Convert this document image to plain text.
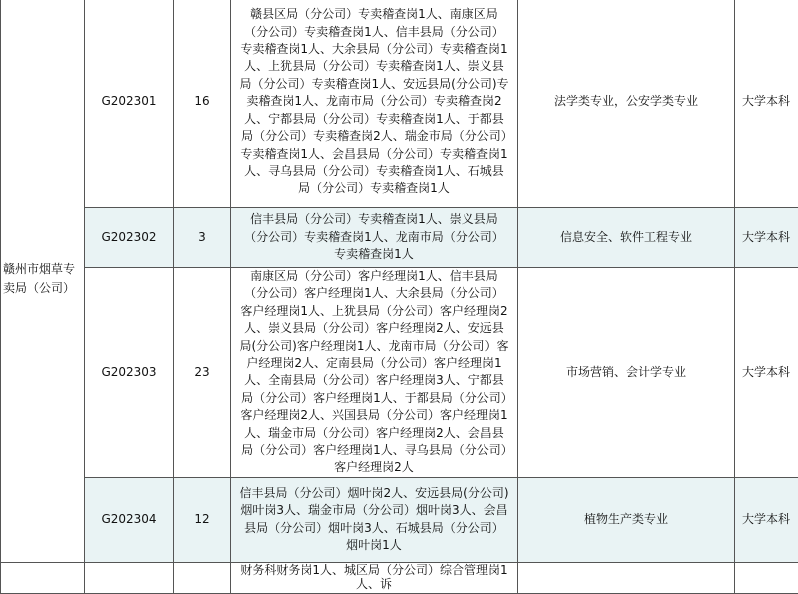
赣州市烟草专卖局（公司）	G202301	16	赣县区局（分公司）专卖稽查岗1人、南康区局（分公司）专卖稽查岗1人、信丰县局（分公司）专卖稽查岗1人、大余县局（分公司）专卖稽查岗1人、上犹县局（分公司）专卖稽查岗1人、崇义县局（分公司）专卖稽查岗1人、安远县局(分公司)专卖稽查岗1人、龙南市局（分公司）专卖稽查岗2人、宁都县局（分公司）专卖稽查岗1人、于都县局（分公司）专卖稽查岗2人、瑞金市局（分公司）专卖稽查岗1人、会昌县局（分公司）专卖稽查岗1人、寻乌县局（分公司）专卖稽查岗1人、石城县局（分公司）专卖稽查岗1人	法学类专业，公安学类专业	大学本科
	G202302	3	信丰县局（分公司）专卖稽查岗1人、崇义县局（分公司）专卖稽查岗1人、龙南市局（分公司）专卖稽查岗1人	信息安全、软件工程专业	大学本科
	G202303	23	南康区局（分公司）客户经理岗1人、信丰县局（分公司）客户经理岗1人、大余县局（分公司）客户经理岗1人、上犹县局（分公司）客户经理岗2人、崇义县局（分公司）客户经理岗2人、安远县局(分公司)客户经理岗1人、龙南市局（分公司）客户经理岗2人、定南县局（分公司）客户经理岗1人、全南县局（分公司）客户经理岗3人、宁都县局（分公司）客户经理岗1人、于都县局（分公司）客户经理岗2人、兴国县局（分公司）客户经理岗1人、瑞金市局（分公司）客户经理岗2人、会昌县局（分公司）客户经理岗1人、寻乌县局（分公司）客户经理岗2人	市场营销、会计学专业	大学本科
	G202304	12	信丰县局（分公司）烟叶岗2人、安远县局(分公司)烟叶岗3人、瑞金市局（分公司）烟叶岗3人、会昌县局（分公司）烟叶岗3人、石城县局（分公司）烟叶岗1人	植物生产类专业	大学本科
			财务科财务岗1人、城区局（分公司）综合管理岗1人、诉		
